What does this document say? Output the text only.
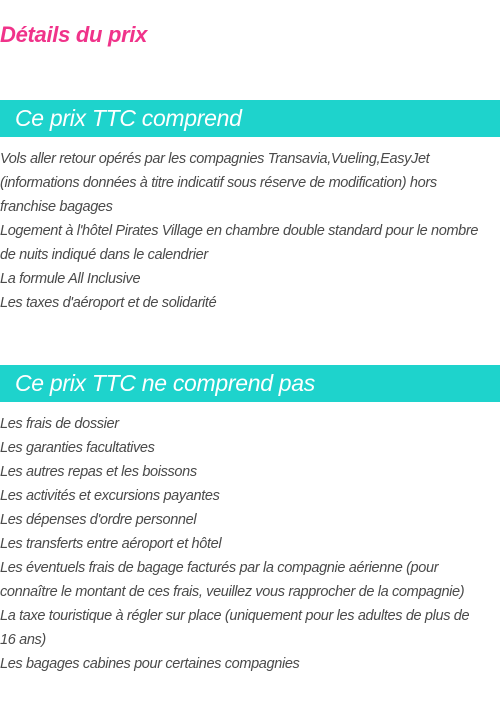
Détails du prix
Ce prix TTC comprend
Vols aller retour opérés par les compagnies Transavia,Vueling,EasyJet
(informations données à titre indicatif sous réserve de modification) hors
franchise bagages
Logement à l'hôtel Pirates Village en chambre double standard pour le nombre
de nuits indiqué dans le calendrier
La formule All Inclusive
Les taxes d'aéroport et de solidarité
Ce prix TTC ne comprend pas
Les frais de dossier
Les garanties facultatives
Les autres repas et les boissons
Les activités et excursions payantes
Les dépenses d'ordre personnel
Les transferts entre aéroport et hôtel
Les éventuels frais de bagage facturés par la compagnie aérienne (pour
connaître le montant de ces frais, veuillez vous rapprocher de la compagnie)
La taxe touristique à régler sur place (uniquement pour les adultes de plus de
16 ans)
Les bagages cabines pour certaines compagnies
